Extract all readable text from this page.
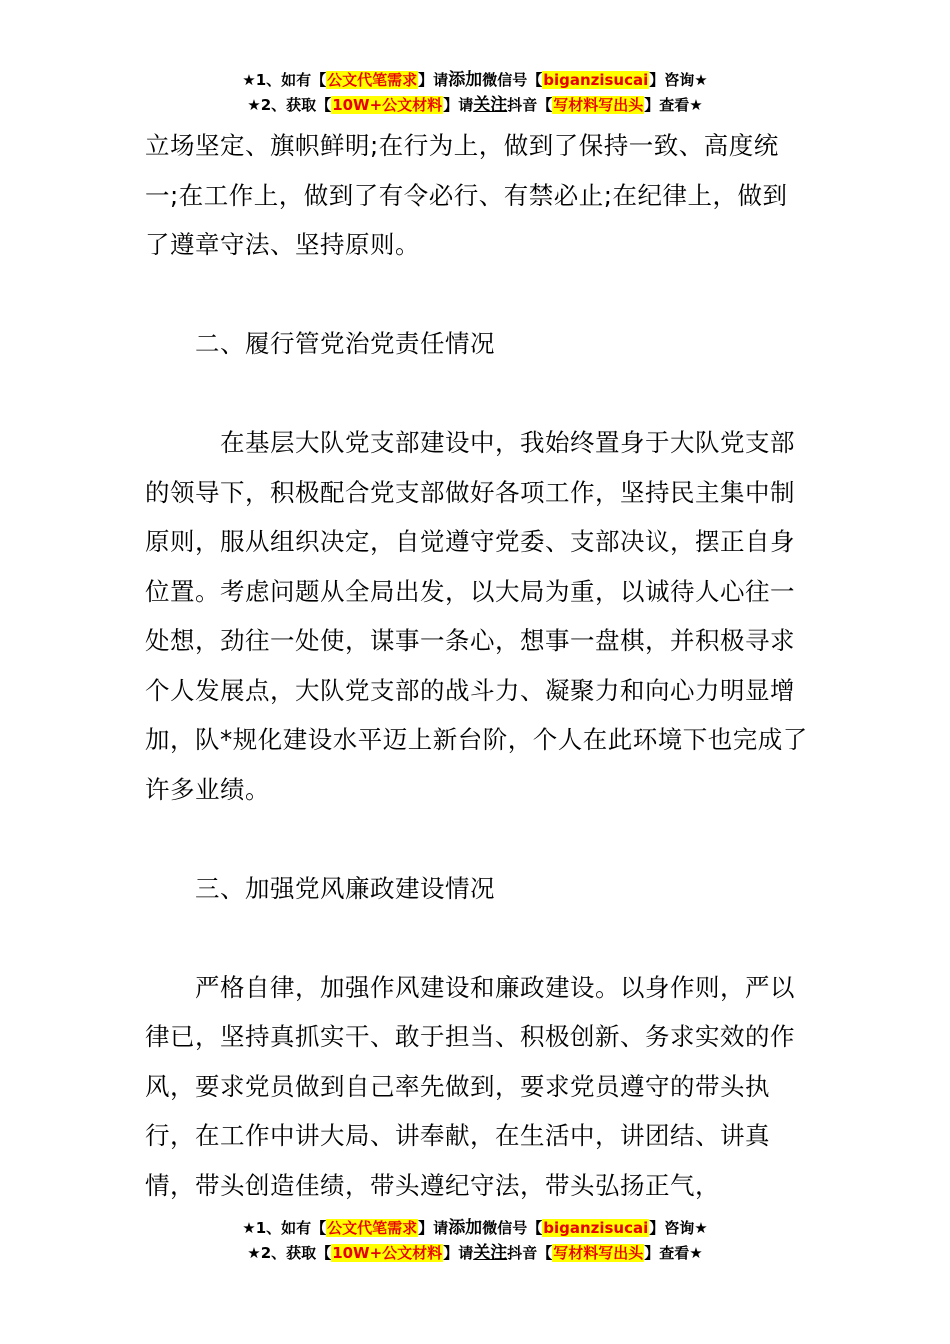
★1、如有【公文代笔需求】请添加微信号【biganzisucai】咨询★
★2、获取【10W+公文材料】请关注抖音【写材料写出头】查看★

立场坚定、旗帜鲜明;在行为上，做到了保持一致、高度统一;在工作上，做到了有令必行、有禁必止;在纪律上，做到了遵章守法、坚持原则。

二、履行管党治党责任情况

在基层大队党支部建设中，我始终置身于大队党支部的领导下，积极配合党支部做好各项工作，坚持民主集中制原则，服从组织决定，自觉遵守党委、支部决议，摆正自身位置。考虑问题从全局出发，以大局为重，以诚待人心往一处想，劲往一处使，谋事一条心，想事一盘棋，并积极寻求个人发展点，大队党支部的战斗力、凝聚力和向心力明显增加，队*规化建设水平迈上新台阶，个人在此环境下也完成了许多业绩。

三、加强党风廉政建设情况

严格自律，加强作风建设和廉政建设。以身作则，严以律已，坚持真抓实干、敢于担当、积极创新、务求实效的作风，要求党员做到自己率先做到，要求党员遵守的带头执行，在工作中讲大局、讲奉献，在生活中，讲团结、讲真情，带头创造佳绩，带头遵纪守法，带头弘扬正气，

★1、如有【公文代笔需求】请添加微信号【biganzisucai】咨询★
★2、获取【10W+公文材料】请关注抖音【写材料写出头】查看★
